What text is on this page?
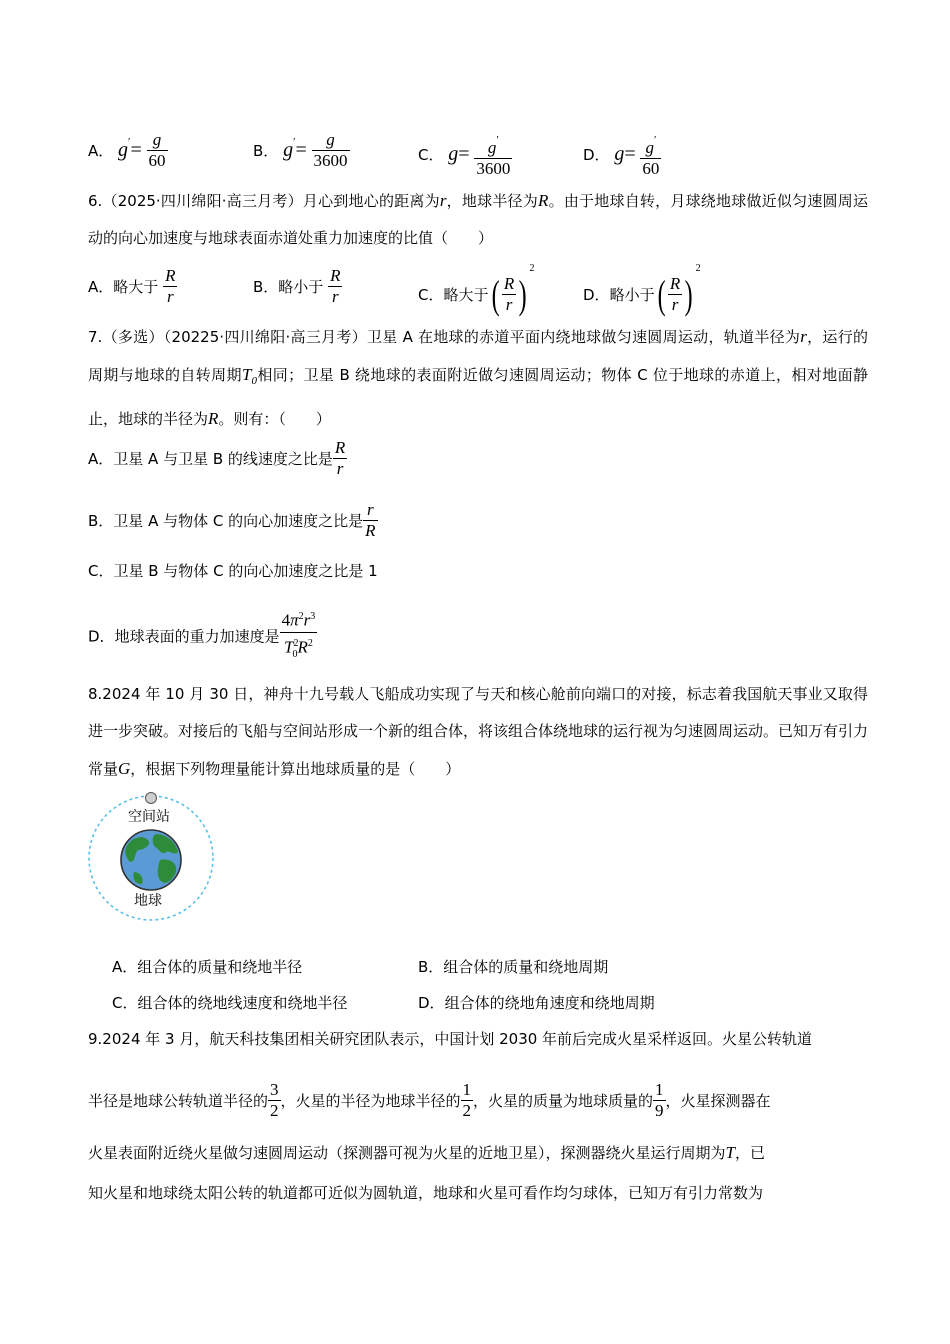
A． $g'= \frac{g}{60}$	B． $g'= \frac{g}{3600}$	C． $g= \frac{g'}{3600}$	D． $g= \frac{g'}{60}$
6.（2025·四川绵阳·高三月考）月心到地心的距离为r，地球半径为R。由于地球自转，月球绕地球做近似匀速圆周运动的向心加速度与地球表面赤道处重力加速度的比值（　　）
A．略大于 $\frac{R}{r}$	B．略小于 $\frac{R}{r}$	C．略大于( $\frac{R}{r} )^2$
D．略小于( $\frac{R}{r} )^2$
7.（多选）（20225·四川绵阳·高三月考）卫星 A 在地球的赤道平面内绕地球做匀速圆周运动，轨道半径为r，运行的周期与地球的自转周期$T_0$相同；卫星 B 绕地球的表面附近做匀速圆周运动；物体 C 位于地球的赤道上，相对地面静止，地球的半径为R。则有：（　　）
A．卫星 A 与卫星 B 的线速度之比是 $\frac{R}{r}$
B．卫星 A 与物体 C 的向心加速度之比是 $\frac{r}{R}$
C．卫星 B 与物体 C 的向心加速度之比是 1
D．地球表面的重力加速度是 $\frac{4\pi^2r^3}{T^2_0R^2}$
8.2024 年 10 月 30 日，神舟十九号载人飞船成功实现了与天和核心舱前向端口的对接，标志着我国航天事业又取得进一步突破。对接后的飞船与空间站形成一个新的组合体，将该组合体绕地球的运行视为匀速圆周运动。已知万有引力常量G，根据下列物理量能计算出地球质量的是（　　）
空间站
地球
A．组合体的质量和绕地半径	B．组合体的质量和绕地周期
C．组合体的绕地线速度和绕地半径	D．组合体的绕地角速度和绕地周期
9.2024 年 3 月，航天科技集团相关研究团队表示，中国计划 2030 年前后完成火星采样返回。火星公转轨道
半径是地球公转轨道半径的 $\frac{3}{2}$ ，火星的半径为地球半径的 $\frac{1}{2}$ ，火星的质量为地球质量的 $\frac{1}{9}$ ，火星探测器在
火星表面附近绕火星做匀速圆周运动（探测器可视为火星的近地卫星），探测器绕火星运行周期为T，已
知火星和地球绕太阳公转的轨道都可近似为圆轨道，地球和火星可看作均匀球体，已知万有引力常数为
